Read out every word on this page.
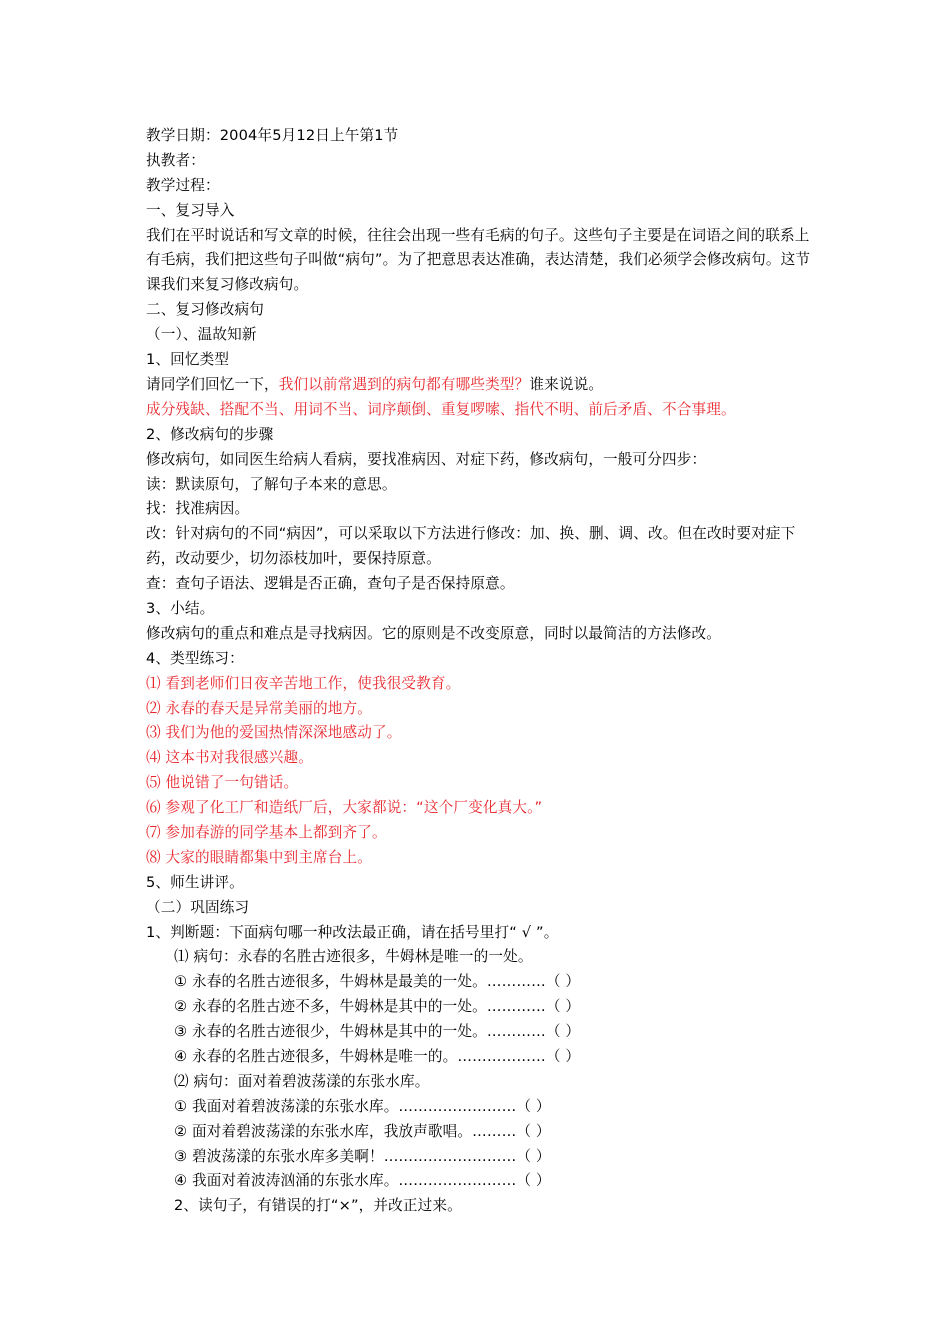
教学日期：2004年5月12日上午第1节
执教者：
教学过程：
一、复习导入
我们在平时说话和写文章的时候，往往会出现一些有毛病的句子。这些句子主要是在词语之间的联系上有毛病，我们把这些句子叫做“病句”。为了把意思表达准确，表达清楚，我们必须学会修改病句。这节课我们来复习修改病句。
二、复习修改病句
（一）、温故知新
1、回忆类型
请同学们回忆一下，我们以前常遇到的病句都有哪些类型？谁来说说。
成分残缺、搭配不当、用词不当、词序颠倒、重复啰嗦、指代不明、前后矛盾、不合事理。
2、修改病句的步骤
修改病句，如同医生给病人看病，要找准病因、对症下药，修改病句，一般可分四步：
读：默读原句，了解句子本来的意思。
找：找准病因。
改：针对病句的不同“病因”，可以采取以下方法进行修改：加、换、删、调、改。但在改时要对症下药，改动要少，切勿添枝加叶，要保持原意。
查：查句子语法、逻辑是否正确，查句子是否保持原意。
3、小结。
修改病句的重点和难点是寻找病因。它的原则是不改变原意，同时以最简洁的方法修改。
4、类型练习：
⑴ 看到老师们日夜辛苦地工作，使我很受教育。
⑵ 永春的春天是异常美丽的地方。
⑶ 我们为他的爱国热情深深地感动了。
⑷ 这本书对我很感兴趣。
⑸ 他说错了一句错话。
⑹ 参观了化工厂和造纸厂后，大家都说：“这个厂变化真大。”
⑺ 参加春游的同学基本上都到齐了。
⑻ 大家的眼睛都集中到主席台上。
5、师生讲评。
（二）巩固练习
1、判断题：下面病句哪一种改法最正确，请在括号里打“ √ ”。
⑴ 病句：永春的名胜古迹很多，牛姆林是唯一的一处。
① 永春的名胜古迹很多，牛姆林是最美的一处。…………（ ）
② 永春的名胜古迹不多，牛姆林是其中的一处。…………（ ）
③ 永春的名胜古迹很少，牛姆林是其中的一处。…………（ ）
④ 永春的名胜古迹很多，牛姆林是唯一的。………………（ ）
⑵ 病句：面对着碧波荡漾的东张水库。
① 我面对着碧波荡漾的东张水库。……………………（ ）
② 面对着碧波荡漾的东张水库，我放声歌唱。………（ ）
③ 碧波荡漾的东张水库多美啊！………………………（ ）
④ 我面对着波涛汹涌的东张水库。……………………（ ）
2、读句子，有错误的打“×”，并改正过来。
